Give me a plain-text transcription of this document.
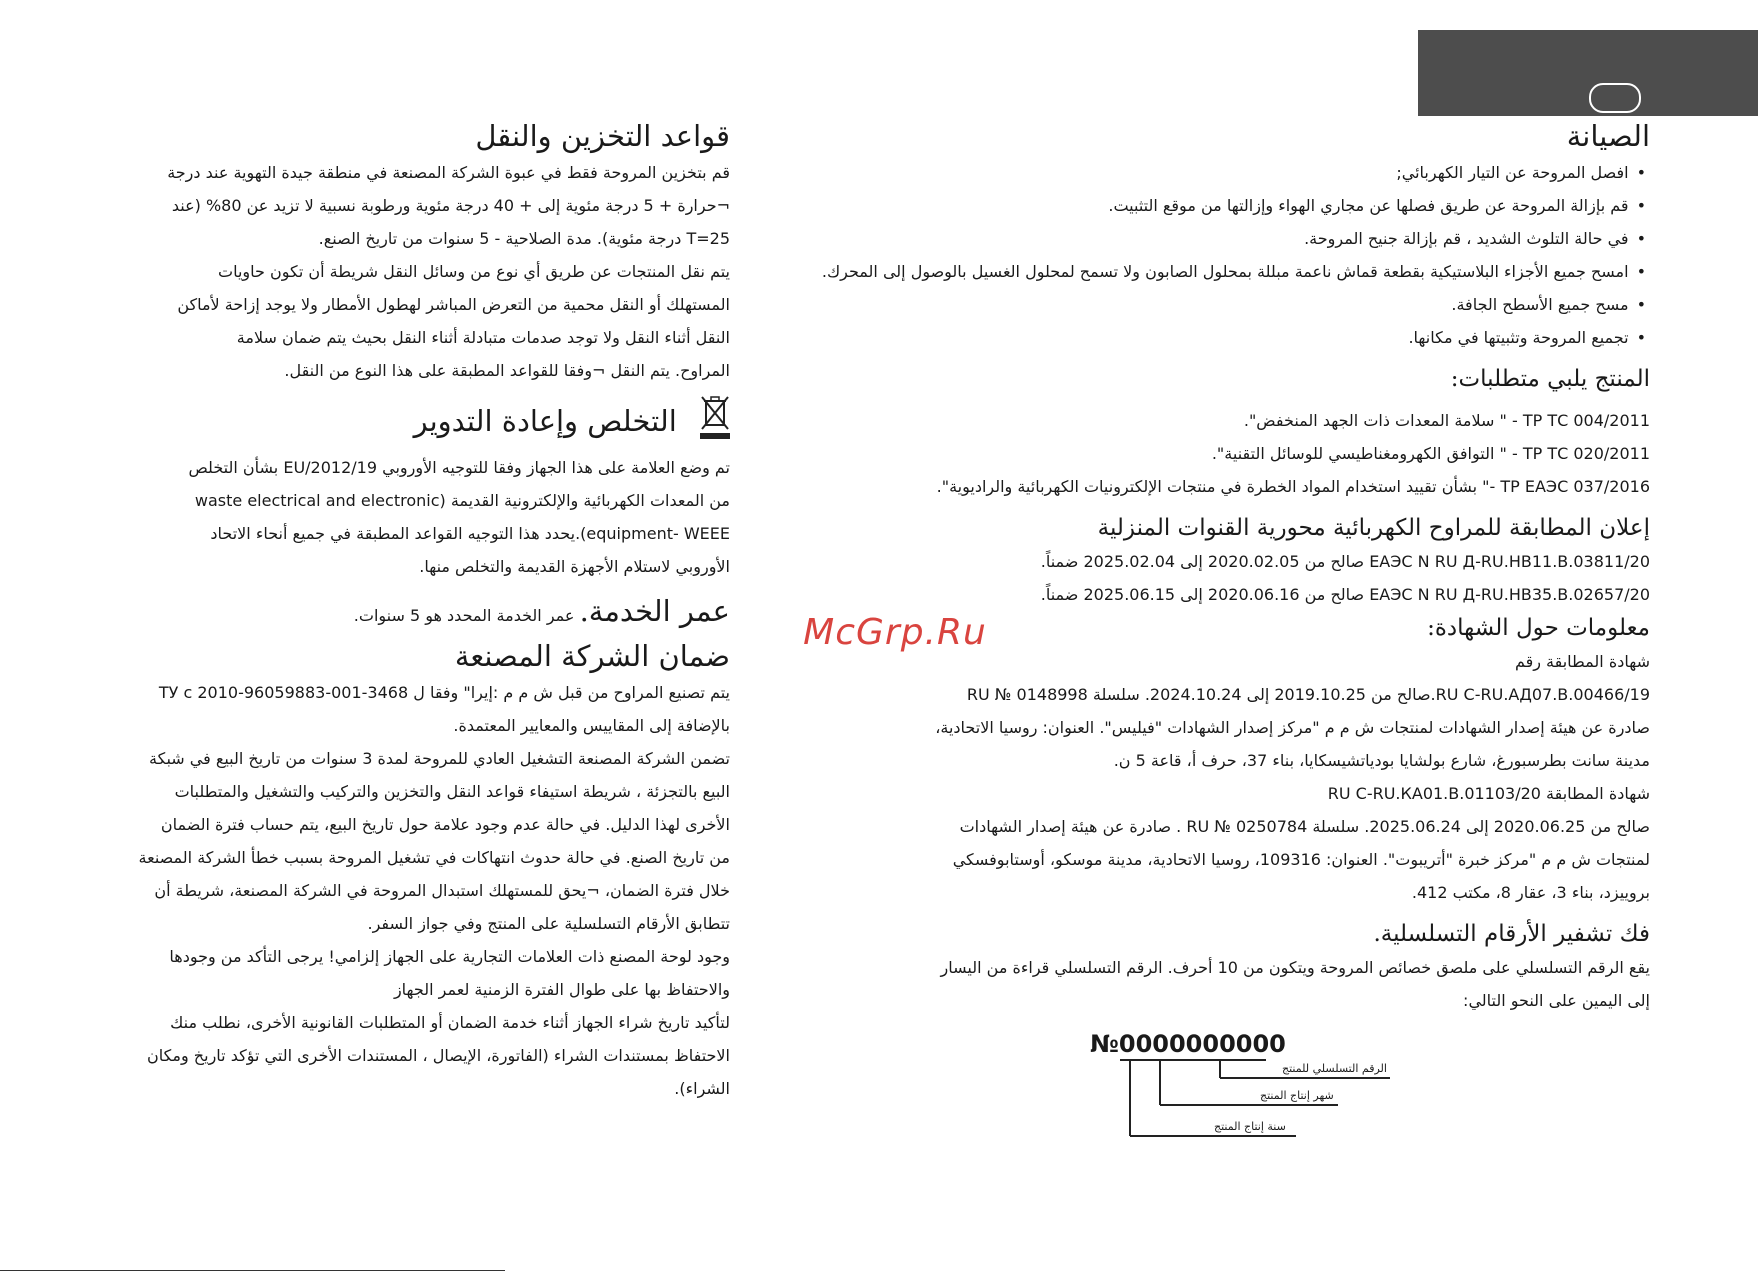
قواعد التخزين والنقل

قم بتخزين المروحة فقط في عبوة الشركة المصنعة في منطقة جيدة التهوية عند درجة

¬حرارة + 5 درجة مئوية إلى + 40 درجة مئوية ورطوبة نسبية لا تزيد عن 80% (عند

T=25 درجة مئوية). مدة الصلاحية - 5 سنوات من تاريخ الصنع.

يتم نقل المنتجات عن طريق أي نوع من وسائل النقل شريطة أن تكون حاويات

المستهلك أو النقل محمية من التعرض المباشر لهطول الأمطار ولا يوجد إزاحة لأماكن

النقل أثناء النقل ولا توجد صدمات متبادلة أثناء النقل بحيث يتم ضمان سلامة

المراوح. يتم النقل ¬وفقا للقواعد المطبقة على هذا النوع من النقل.

التخلص وإعادة التدوير

تم وضع العلامة على هذا الجهاز وفقا للتوجيه الأوروبي EU/2012/19 بشأن التخلص

من المعدات الكهربائية والإلكترونية القديمة (waste electrical and electronic

equipment- WEEE).يحدد هذا التوجيه القواعد المطبقة في جميع أنحاء الاتحاد

الأوروبي لاستلام الأجهزة القديمة والتخلص منها.

عمر الخدمة. عمر الخدمة المحدد هو 5 سنوات.
ضمان الشركة المصنعة

يتم تصنيع المراوح من قبل ش م م :إيرا" وفقا ل 3468-001-96059883-2010 ТУ с

بالإضافة إلى المقاييس والمعايير المعتمدة.

تضمن الشركة المصنعة التشغيل العادي للمروحة لمدة 3 سنوات من تاريخ البيع في شبكة

البيع بالتجزئة ، شريطة استيفاء قواعد النقل والتخزين والتركيب والتشغيل والمتطلبات

الأخرى لهذا الدليل. في حالة عدم وجود علامة حول تاريخ البيع، يتم حساب فترة الضمان

من تاريخ الصنع. في حالة حدوث انتهاكات في تشغيل المروحة بسبب خطأ الشركة المصنعة

خلال فترة الضمان، ¬يحق للمستهلك استبدال المروحة في الشركة المصنعة، شريطة أن

تتطابق الأرقام التسلسلية على المنتج وفي جواز السفر.

وجود لوحة المصنع ذات العلامات التجارية على الجهاز إلزامي! يرجى التأكد من وجودها

والاحتفاظ بها على طوال الفترة الزمنية لعمر الجهاز

لتأكيد تاريخ شراء الجهاز أثناء خدمة الضمان أو المتطلبات القانونية الأخرى، نطلب منك

الاحتفاظ بمستندات الشراء (الفاتورة، الإيصال ، المستندات الأخرى التي تؤكد تاريخ ومكان

الشراء).

الصيانة

• افصل المروحة عن التيار الكهربائي;

• قم بإزالة المروحة عن طريق فصلها عن مجاري الهواء وإزالتها من موقع التثبيت.

• في حالة التلوث الشديد ، قم بإزالة جنيح المروحة.

• امسح جميع الأجزاء البلاستيكية بقطعة قماش ناعمة مبللة بمحلول الصابون ولا تسمح لمحلول الغسيل بالوصول إلى المحرك.

• مسح جميع الأسطح الجافة.

• تجميع المروحة وتثبيتها في مكانها.

المنتج يلبي متطلبات:

ТР ТС 004/2011 - " سلامة المعدات ذات الجهد المنخفض".

ТР ТС 020/2011 - " التوافق الكهرومغناطيسي للوسائل التقنية".

ТР ЕАЭС 037/2016 -" بشأن تقييد استخدام المواد الخطرة في منتجات الإلكترونيات الكهربائية والراديوية".

إعلان المطابقة للمراوح الكهربائية محورية القنوات المنزلية

ЕАЭС N RU Д-RU.НВ11.В.03811/20 صالح من 2020.02.05 إلى 2025.02.04 ضمناً.

ЕАЭС N RU Д-RU.НВ35.В.02657/20 صالح من 2020.06.16 إلى 2025.06.15 ضمناً.

معلومات حول الشهادة:

شهادة المطابقة رقم

RU C-RU.АД07.В.00466/19.صالح من 2019.10.25 إلى 2024.10.24. سلسلة RU № 0148998

صادرة عن هيئة إصدار الشهادات لمنتجات ش م م "مركز إصدار الشهادات "فيليس". العنوان: روسيا الاتحادية،

مدينة سانت بطرسبورغ، شارع بولشايا بودياتشيسكايا، بناء 37، حرف أ، قاعة 5 ن.

شهادة المطابقة RU C-RU.КА01.В.01103/20

صالح من 2020.06.25 إلى 2025.06.24. سلسلة RU № 0250784 . صادرة عن هيئة إصدار الشهادات

لمنتجات ش م م "مركز خبرة "أتريبوت". العنوان: 109316، روسيا الاتحادية، مدينة موسكو، أوستابوفسكي

بروييزد، بناء 3، عقار 8، مكتب 412.

فك تشفير الأرقام التسلسلية.

يقع الرقم التسلسلي على ملصق خصائص المروحة ويتكون من 10 أحرف. الرقم التسلسلي قراءة من اليسار

إلى اليمين على النحو التالي:

№0000000000
الرقم التسلسلي للمنتج
شهر إنتاج المنتج
سنة إنتاج المنتج
McGrp.Ru
